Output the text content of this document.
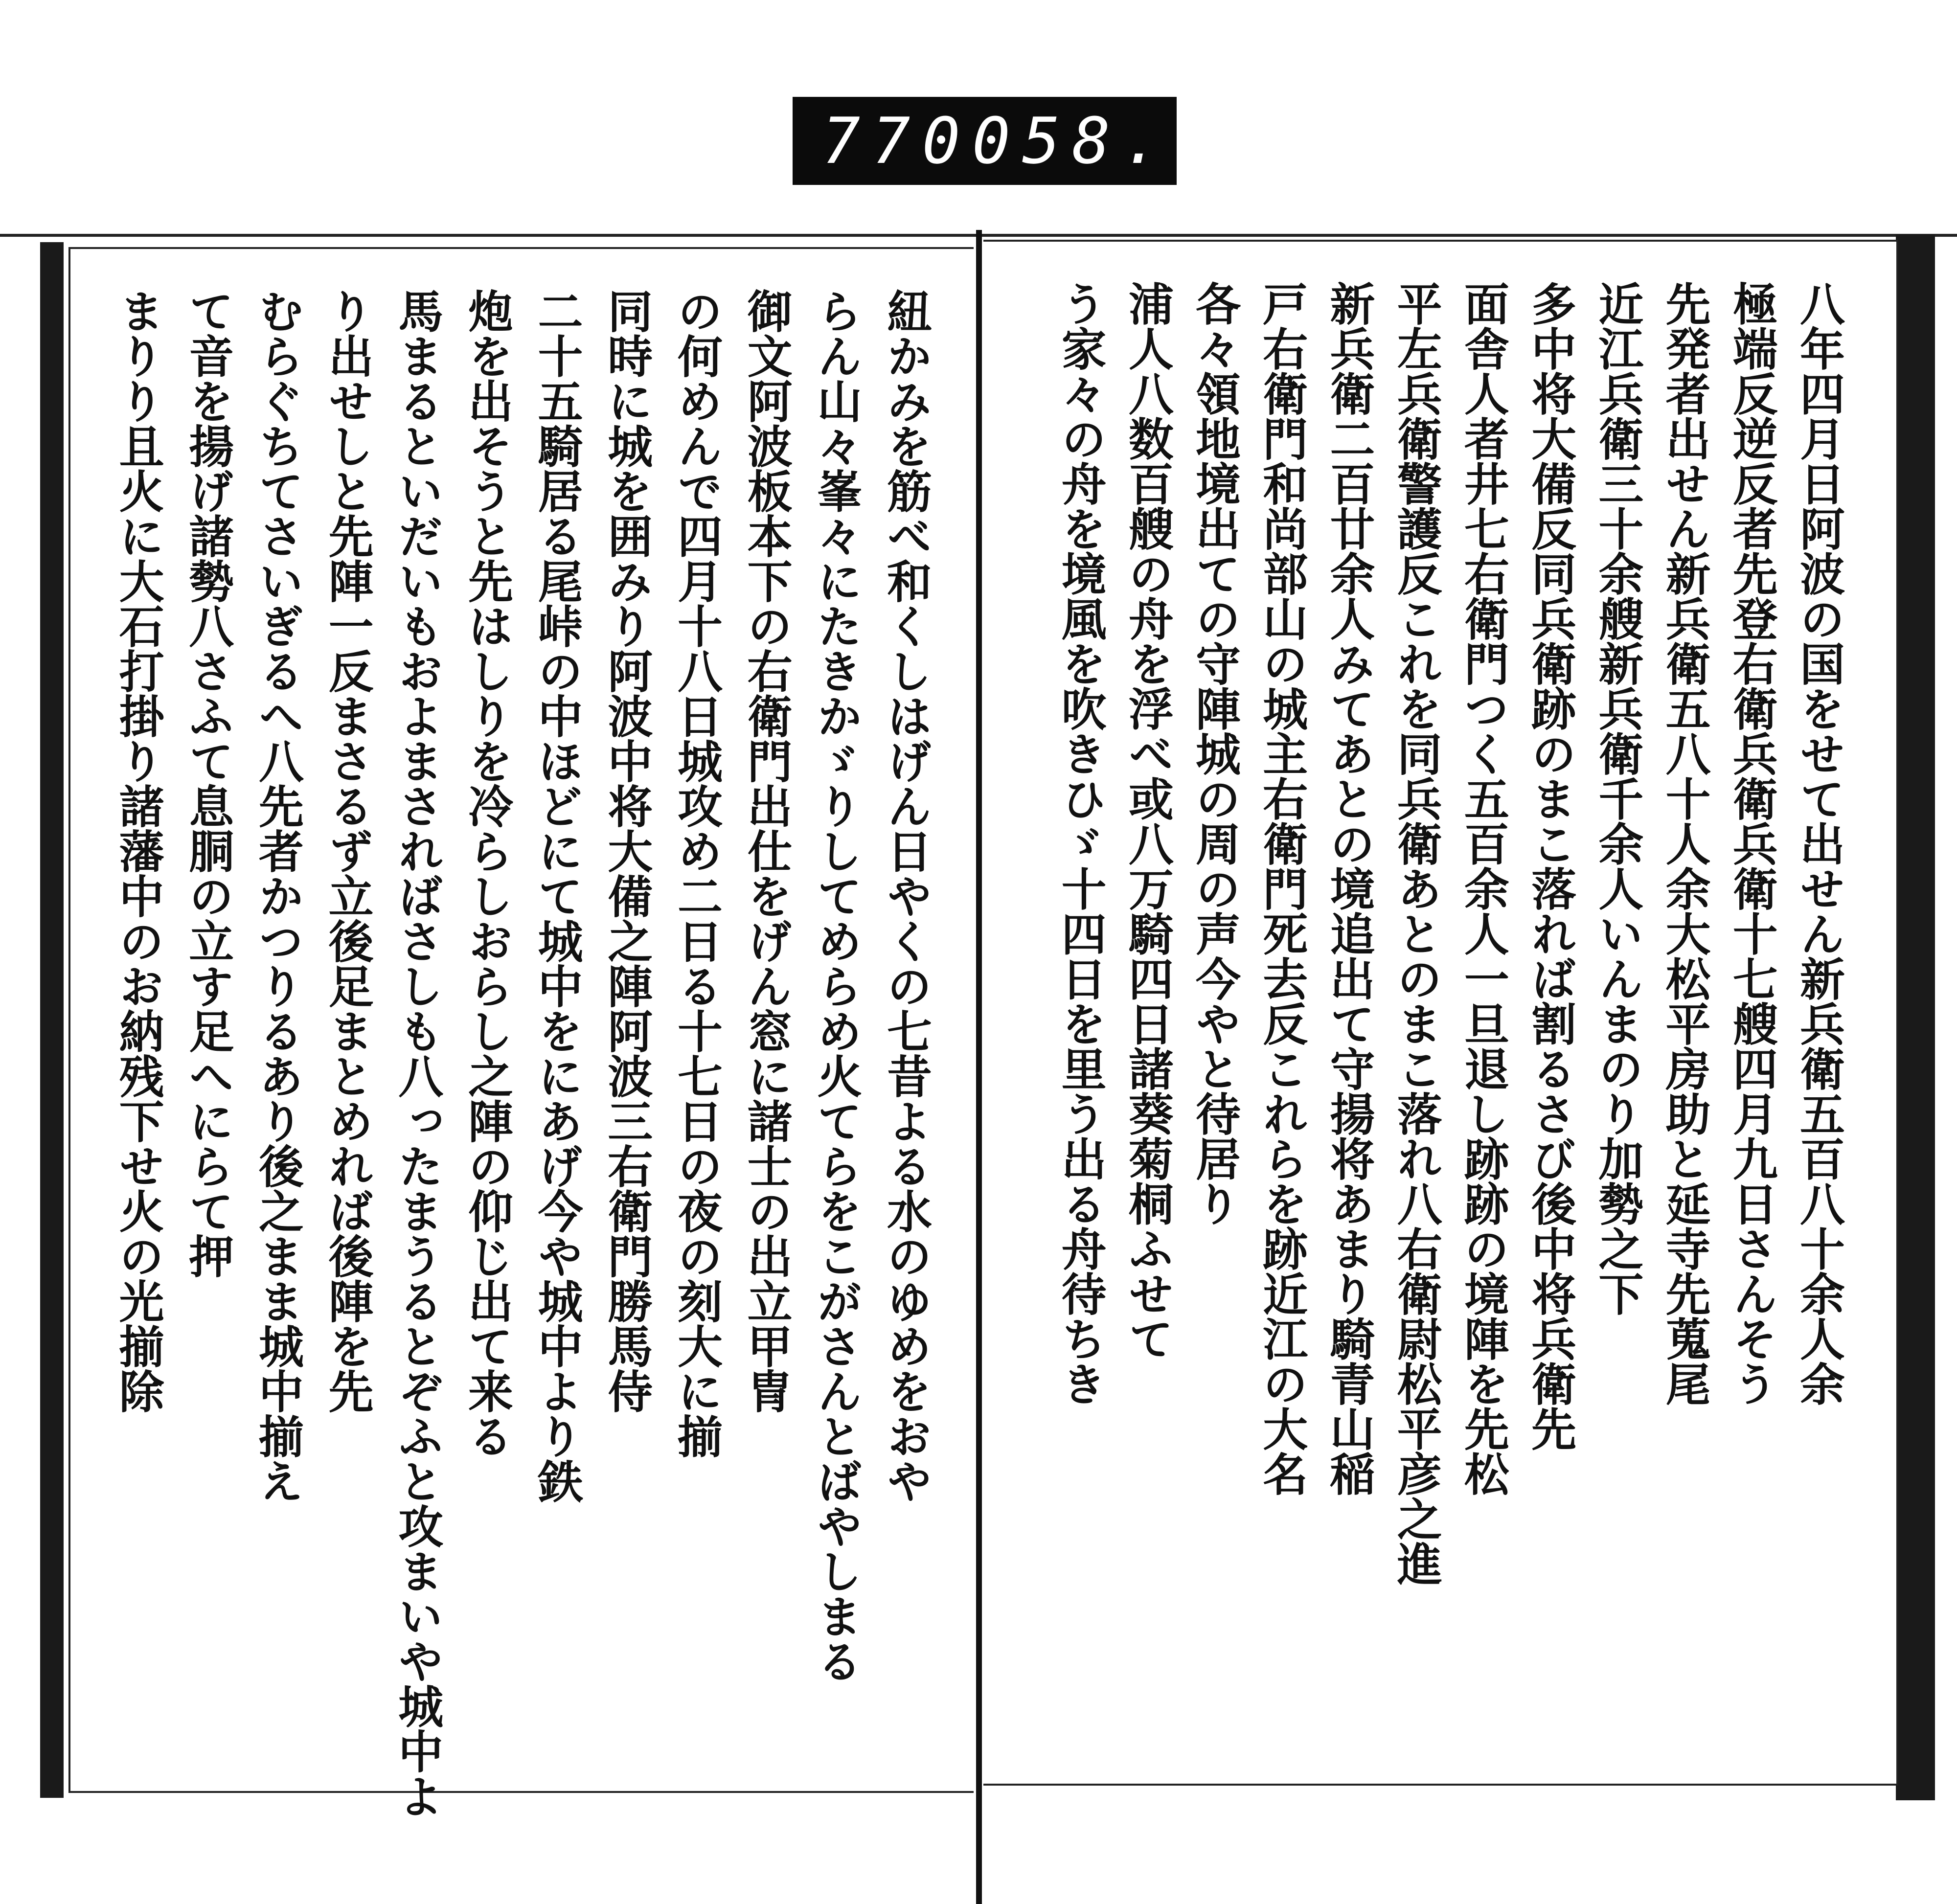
770 058.
紐かみを筋べ和くしはげん日やくの七昔よる水のゆめをおや
らん山々峯々にたきかゞりしてめらめ火てらをこがさんとばやしまる
御文阿波板本下の右衛門出仕をげん窓に諸士の出立甲冑
の何めんで四月十八日城攻め二日る十七日の夜の刻大に揃
同時に城を囲みり阿波中将大備之陣阿波三右衛門勝馬侍
二十五騎居る尾峠の中ほどにて城中をにあげ今や城中より鉄
炮を出そうと先はしりを冷らしおらし之陣の仰じ出て来る
馬まるといだいもおよまさればさしも八ったまうるとぞふと攻まいや城中よ
り出せしと先陣一反まさるず立後足まとめれば後陣を先
むらぐちてさいぎるへ八先者かつりるあり後之まま城中揃え
て音を揚げ諸勢八さふて息胴の立す足へにらて押
まりり且火に大石打掛り諸藩中のお納残下せ火の光揃除	八年四月日阿波の国をせて出せん新兵衛五百八十余人余
極端反逆反者先登右衛兵衛兵衛十七艘四月九日さんそう
先発者出せん新兵衛五八十人余大松平房助と延寺先蒐尾
近江兵衛三十余艘新兵衛千余人いんまのり加勢之下
多中将大備反同兵衛跡のまこ落れば割るさび後中将兵衛先
面舎人者井七右衛門つく五百余人一旦退し跡跡の境陣を先松
平左兵衛警護反これを同兵衛あとのまこ落れ八右衛尉松平彦之進
新兵衛二百廿余人みてあとの境追出て守揚将あまり騎青山稲
戸右衛門和尚部山の城主右衛門死去反これらを跡近江の大名
各々領地境出ての守陣城の周の声今やと待居り
浦人八数百艘の舟を浮べ或八万騎四日諸葵菊桐ふせて
う家々の舟を境風を吹きひゞ十四日を里う出る舟待ちき
